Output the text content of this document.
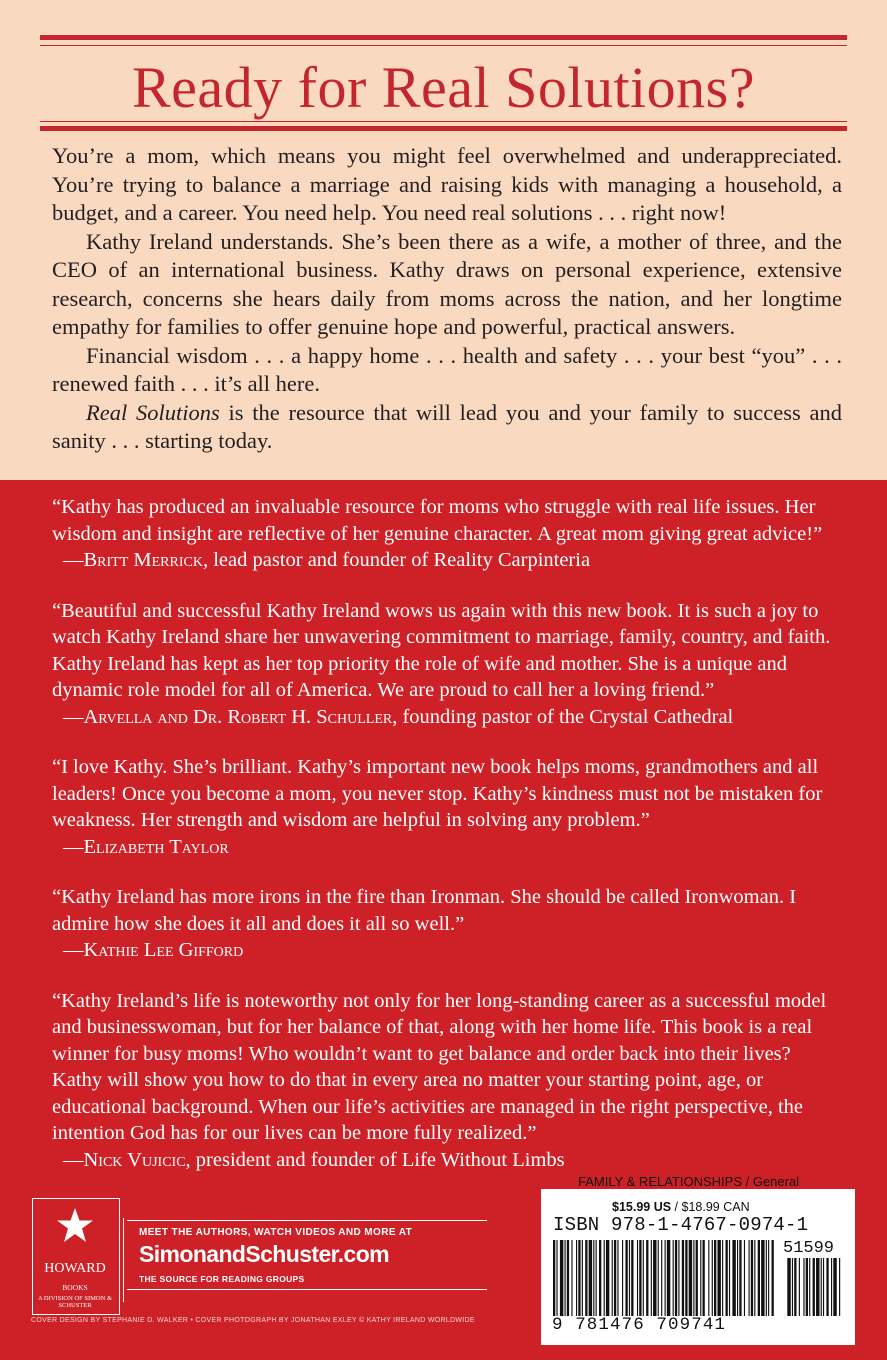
Ready for Real Solutions?

You’re a mom, which means you might feel overwhelmed and underappreciated. You’re trying to balance a marriage and raising kids with managing a household, a budget, and a career. You need help. You need real solutions . . . right now!

Kathy Ireland understands. She’s been there as a wife, a mother of three, and the CEO of an international business. Kathy draws on personal experience, extensive research, concerns she hears daily from moms across the nation, and her longtime empathy for families to offer genuine hope and powerful, practical answers.

Financial wisdom . . . a happy home . . . health and safety . . . your best “you” . . . renewed faith . . . it’s all here.

Real Solutions is the resource that will lead you and your family to success and sanity . . . starting today.

“Kathy has produced an invaluable resource for moms who struggle with real life issues. Her wisdom and insight are reflective of her genuine character. A great mom giving great advice!”

—Britt Merrick, lead pastor and founder of Reality Carpinteria

“Beautiful and successful Kathy Ireland wows us again with this new book. It is such a joy to watch Kathy Ireland share her unwavering commitment to marriage, family, country, and faith. Kathy Ireland has kept as her top priority the role of wife and mother. She is a unique and dynamic role model for all of America. We are proud to call her a loving friend.”

—Arvella and Dr. Robert H. Schuller, founding pastor of the Crystal Cathedral

“I love Kathy. She’s brilliant. Kathy’s important new book helps moms, grandmothers and all leaders! Once you become a mom, you never stop. Kathy’s kindness must not be mistaken for weakness. Her strength and wisdom are helpful in solving any problem.”

—Elizabeth Taylor

“Kathy Ireland has more irons in the fire than Ironman. She should be called Ironwoman. I admire how she does it all and does it all so well.”

—Kathie Lee Gifford

“Kathy Ireland’s life is noteworthy not only for her long-standing career as a successful model and businesswoman, but for her balance of that, along with her home life. This book is a real winner for busy moms! Who wouldn’t want to get balance and order back into their lives? Kathy will show you how to do that in every area no matter your starting point, age, or educational background. When our life’s activities are managed in the right perspective, the intention God has for our lives can be more fully realized.”

—Nick Vujicic, president and founder of Life Without Limbs

HOWARD
BOOKS
A DIVISION OF SIMON & SCHUSTER
MEET THE AUTHORS, WATCH VIDEOS AND MORE AT
SimonandSchuster.com
THE SOURCE FOR READING GROUPS
COVER DESIGN BY STEPHANIE D. WALKER • COVER PHOTOGRAPH BY JONATHAN EXLEY © KATHY IRELAND WORLDWIDE
FAMILY & RELATIONSHIPS / General
$15.99 US / $18.99 CAN
ISBN 978-1-4767-0974-1
51599
9 781476 709741
